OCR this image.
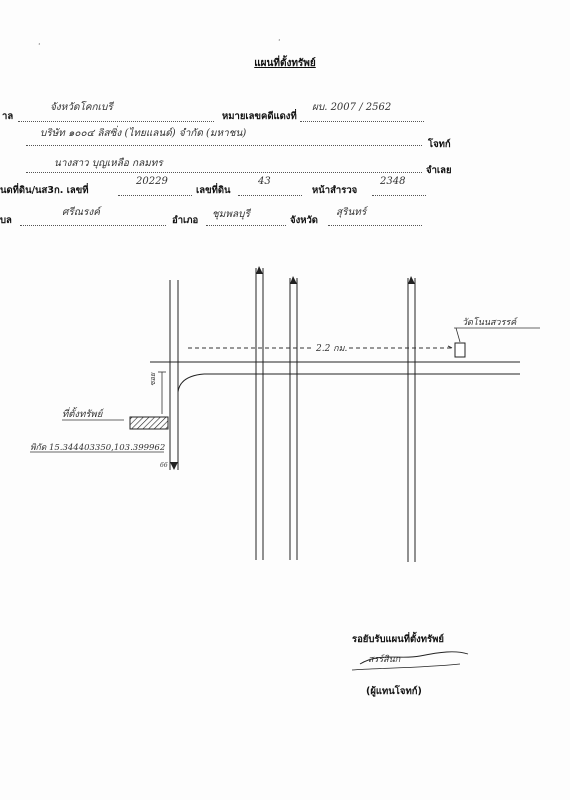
·	·
แผนที่ตั้งทรัพย์
าล
จังหวัดโคกเบรี
หมายเลขคดีแดงที่
ผบ. 2007 / 2562
บริษัท ๑๐๐๔ ลิสซิ่ง (ไทยแลนด์) จำกัด (มหาชน)
โจทก์
นางสาว บุญเหลือ กลมทร
จำเลย
นดที่ดิน/นส3ก. เลขที่
20229
เลขที่ดิน
43
หน้าสำรวจ
2348
บล
ศรีณรงค์
อำเภอ
ชุมพลบุรี
จังหวัด
สุรินทร์
วัดโนนสวรรค์
2.2 กม.
ที่ตั้งทรัพย์
พิกัด 15.344403350,103.399962
ซอย
66
รอยับรับแผนที่ตั้งทรัพย์
สรร์สินก
(ผู้แทนโจทก์)
